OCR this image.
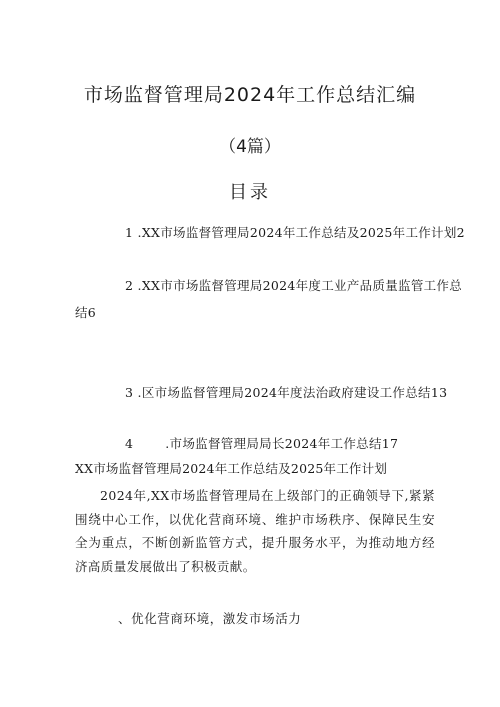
市场监督管理局2024年工作总结汇编
（4篇）
目录
1 .XX市场监督管理局2024年工作总结及2025年工作计划2
2 .XX市市场监督管理局2024年度工业产品质量监管工作总
结6
3 .区市场监督管理局2024年度法治政府建设工作总结13
4	.市场监督管理局局长2024年工作总结17
XX市场监督管理局2024年工作总结及2025年工作计划
2024年,XX市场监督管理局在上级部门的正确领导下,紧紧围绕中心工作，以优化营商环境、维护市场秩序、保障民生安全为重点，不断创新监管方式，提升服务水平，为推动地方经济高质量发展做出了积极贡献。
、优化营商环境，激发市场活力
